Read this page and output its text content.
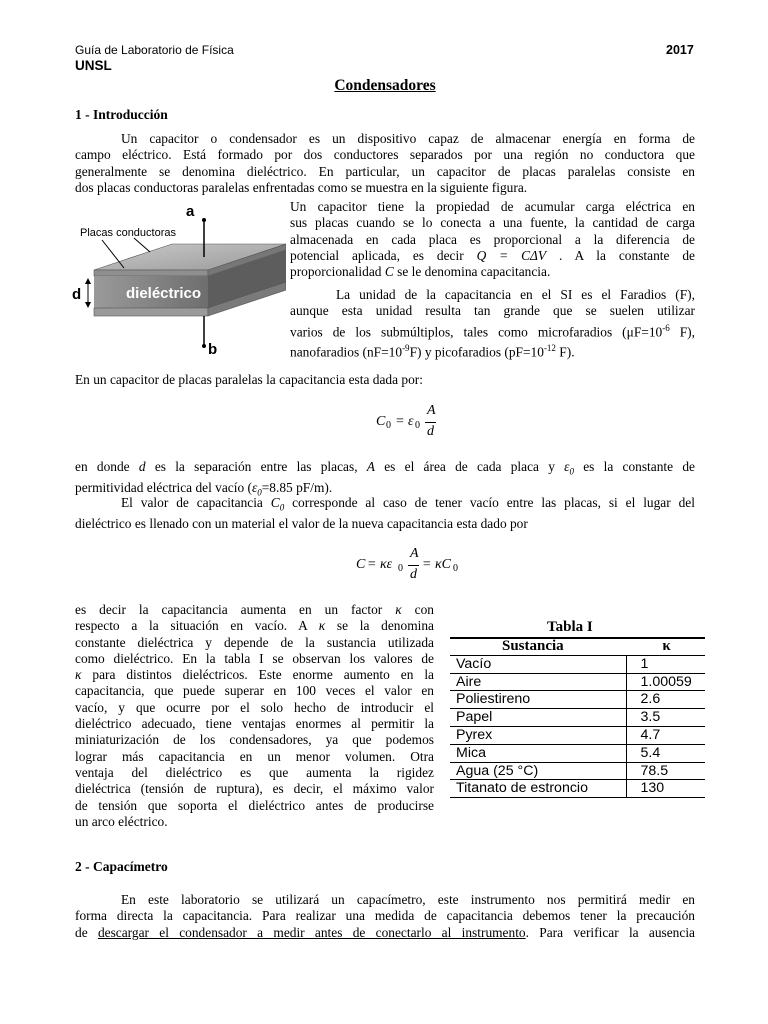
Guía de Laboratorio de Física
UNSL
2017
Condensadores
1 - Introducción
Un capacitor o condensador es un dispositivo capaz de almacenar energía en forma de
campo eléctrico. Está formado por dos conductores separados por una región no conductora que
generalmente se denomina dieléctrico. En particular, un capacitor de placas paralelas consiste en
dos placas conductoras paralelas enfrentadas como se muestra en la siguiente figura.
a
b
d
Placas conductoras
dieléctrico
Un capacitor tiene la propiedad de acumular carga eléctrica en
sus placas cuando se lo conecta a una fuente, la cantidad de carga
almacenada en cada placa es proporcional a la diferencia de
potencial aplicada, es decir Q = CΔV . A la constante de
proporcionalidad C se le denomina capacitancia.
La unidad de la capacitancia en el SI es el Faradios (F),
aunque esta unidad resulta tan grande que se suelen utilizar
varios de los submúltiplos, tales como microfaradios ($\mu F=10^{-6}$ F),
nanofaradios $(nF=10^{-9}F)$ y picofaradios ($pF=10^{-12}$ F).
En un capacitor de placas paralelas la capacitancia esta dada por:
C 0 = ε 0
A
d
en donde d es la separación entre las placas, A es el área de cada placa y $\varepsilon_0$ es la constante de
permitividad eléctrica del vacío ($\varepsilon_0=8.85$ pF/m).
El valor de capacitancia $C_0$ corresponde al caso de tener vacío entre las placas, si el lugar del
dieléctrico es llenado con un material el valor de la nueva capacitancia esta dado por
C = κε 0
A
d
= κC 0
es decir la capacitancia aumenta en un factor κ con
respecto a la situación en vacío. A κ se la denomina
constante dieléctrica y depende de la sustancia utilizada
como dieléctrico. En la tabla I se observan los valores de
κ para distintos dieléctricos. Este enorme aumento en la
capacitancia, que puede superar en 100 veces el valor en
vacío, y que ocurre por el solo hecho de introducir el
dieléctrico adecuado, tiene ventajas enormes al permitir la
miniaturización de los condensadores, ya que podemos
lograr más capacitancia en un menor volumen. Otra
ventaja del dieléctrico es que aumenta la rigidez
dieléctrica (tensión de ruptura), es decir, el máximo valor
de tensión que soporta el dieléctrico antes de producirse
un arco eléctrico.
Tabla I
Sustancia	κ
Vacío	1
Aire	1.00059
Poliestireno	2.6
Papel	3.5
Pyrex	4.7
Mica	5.4
Agua (25 °C)	78.5
Titanato de estroncio	130
2 - Capacímetro
En este laboratorio se utilizará un capacímetro, este instrumento nos permitirá medir en
forma directa la capacitancia. Para realizar una medida de capacitancia debemos tener la precaución
de descargar el condensador a medir antes de conectarlo al instrumento. Para verificar la ausencia
